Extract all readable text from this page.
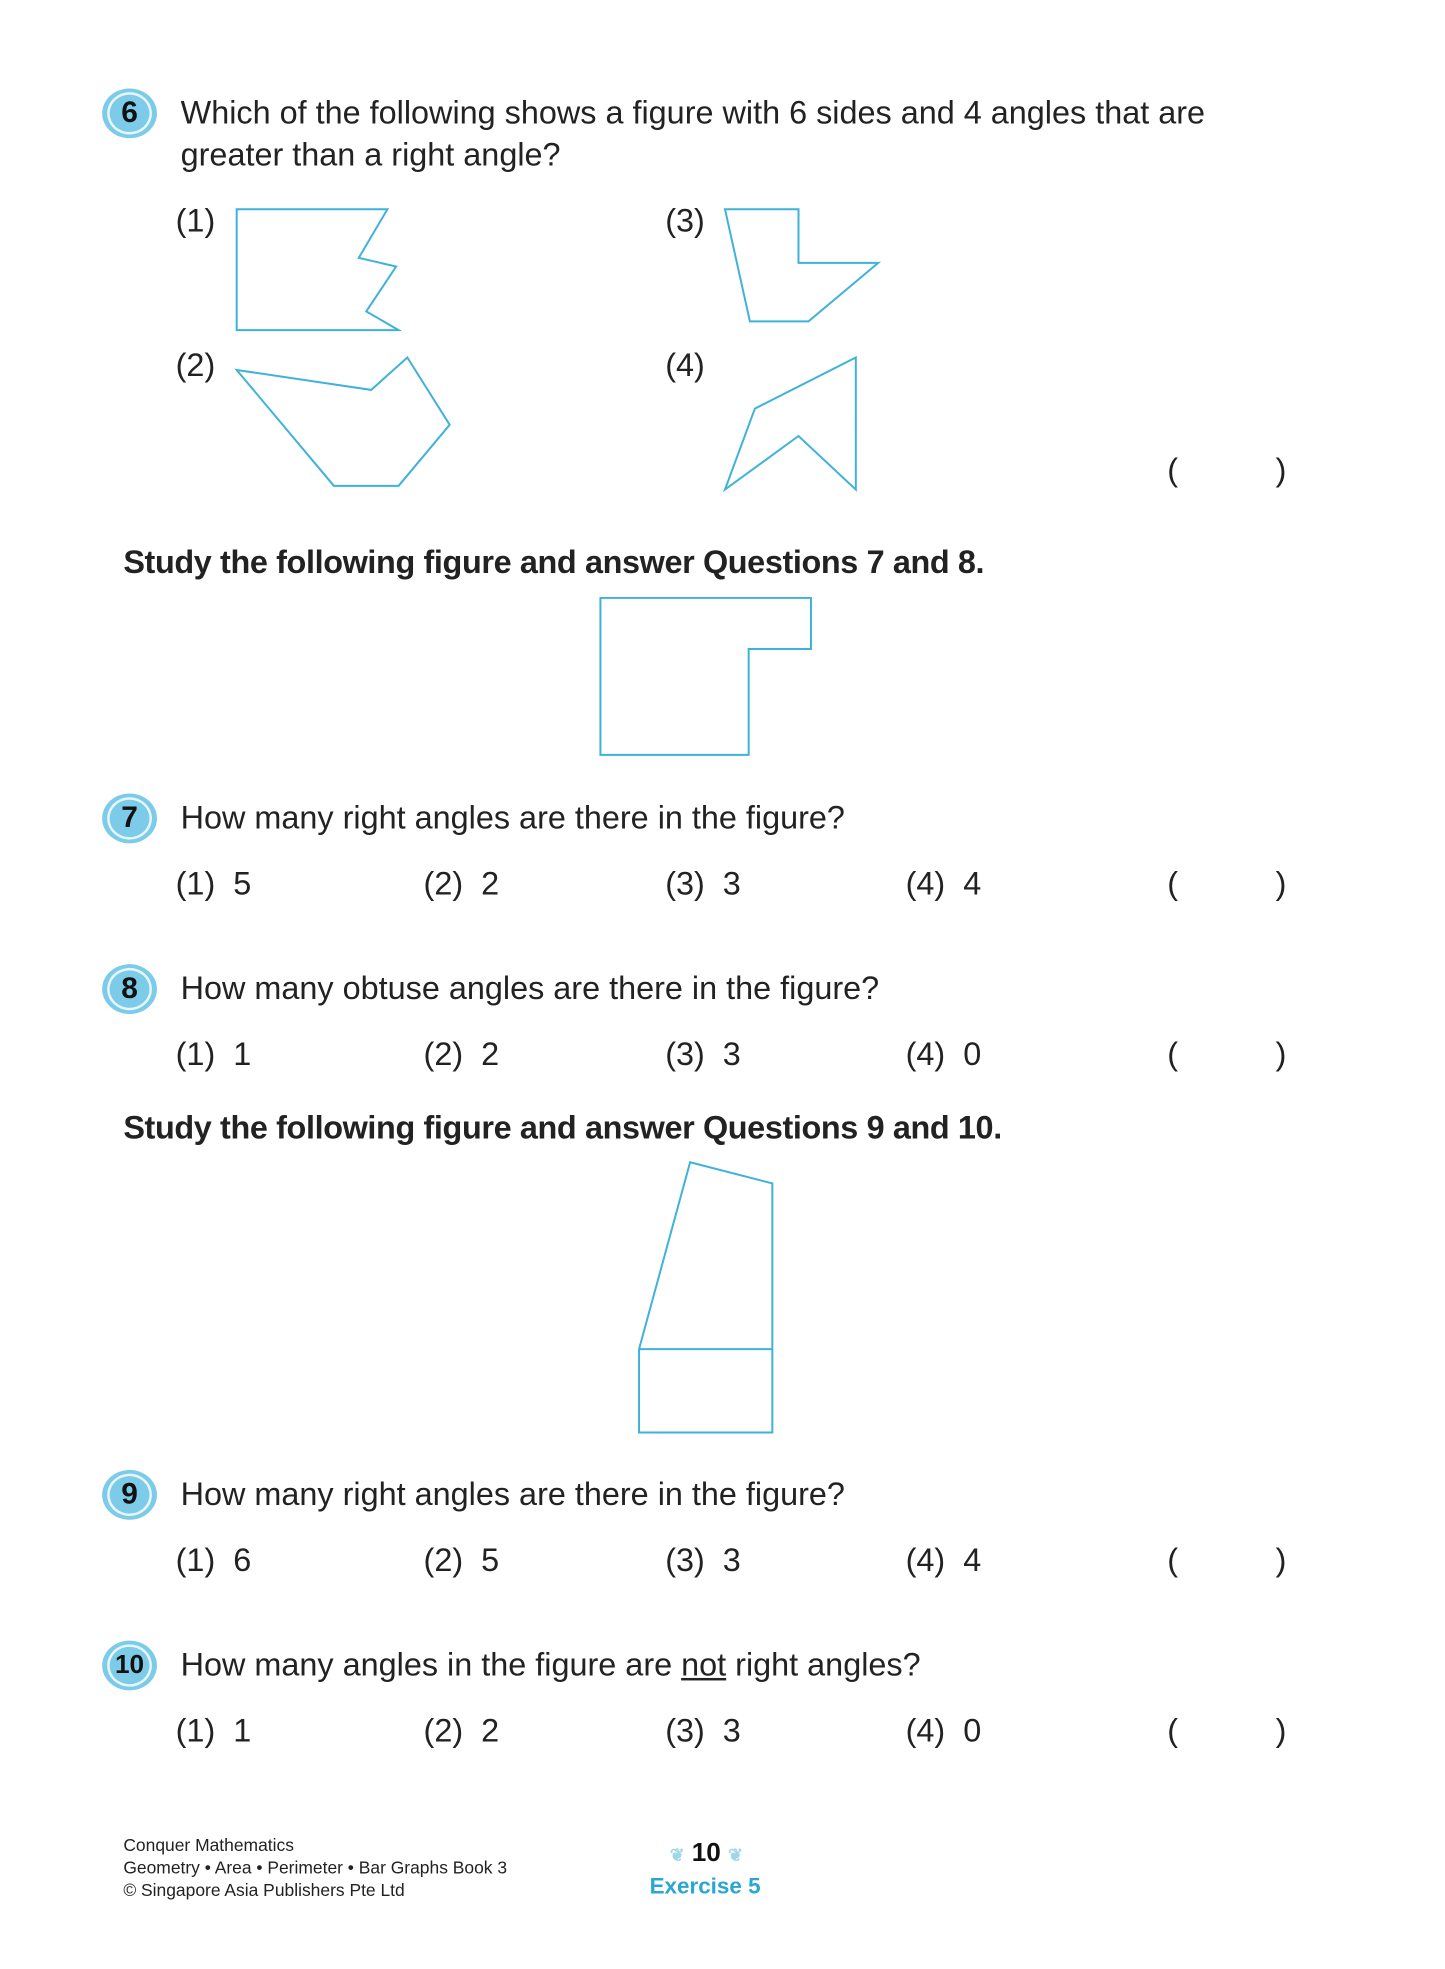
6	Which of the following shows a figure with 6 sides and 4 angles that are
greater than a right angle?
(1)
(2)
(3)
(4)
(	)
Study the following figure and answer Questions 7 and 8.
7	How many right angles are there in the figure?
(1) 5	(2) 2	(3) 3	(4) 4	(	)
8	How many obtuse angles are there in the figure?
(1) 1	(2) 2	(3) 3	(4) 0	(	)
Study the following figure and answer Questions 9 and 10.
9	How many right angles are there in the figure?
(1) 6	(2) 5	(3) 3	(4) 4	(	)
10	How many angles in the figure are not right angles?
(1) 1	(2) 2	(3) 3	(4) 0	(	)
Conquer Mathematics
Geometry • Area • Perimeter • Bar Graphs Book 3
© Singapore Asia Publishers Pte Ltd
❦ 10 ❦
Exercise 5
